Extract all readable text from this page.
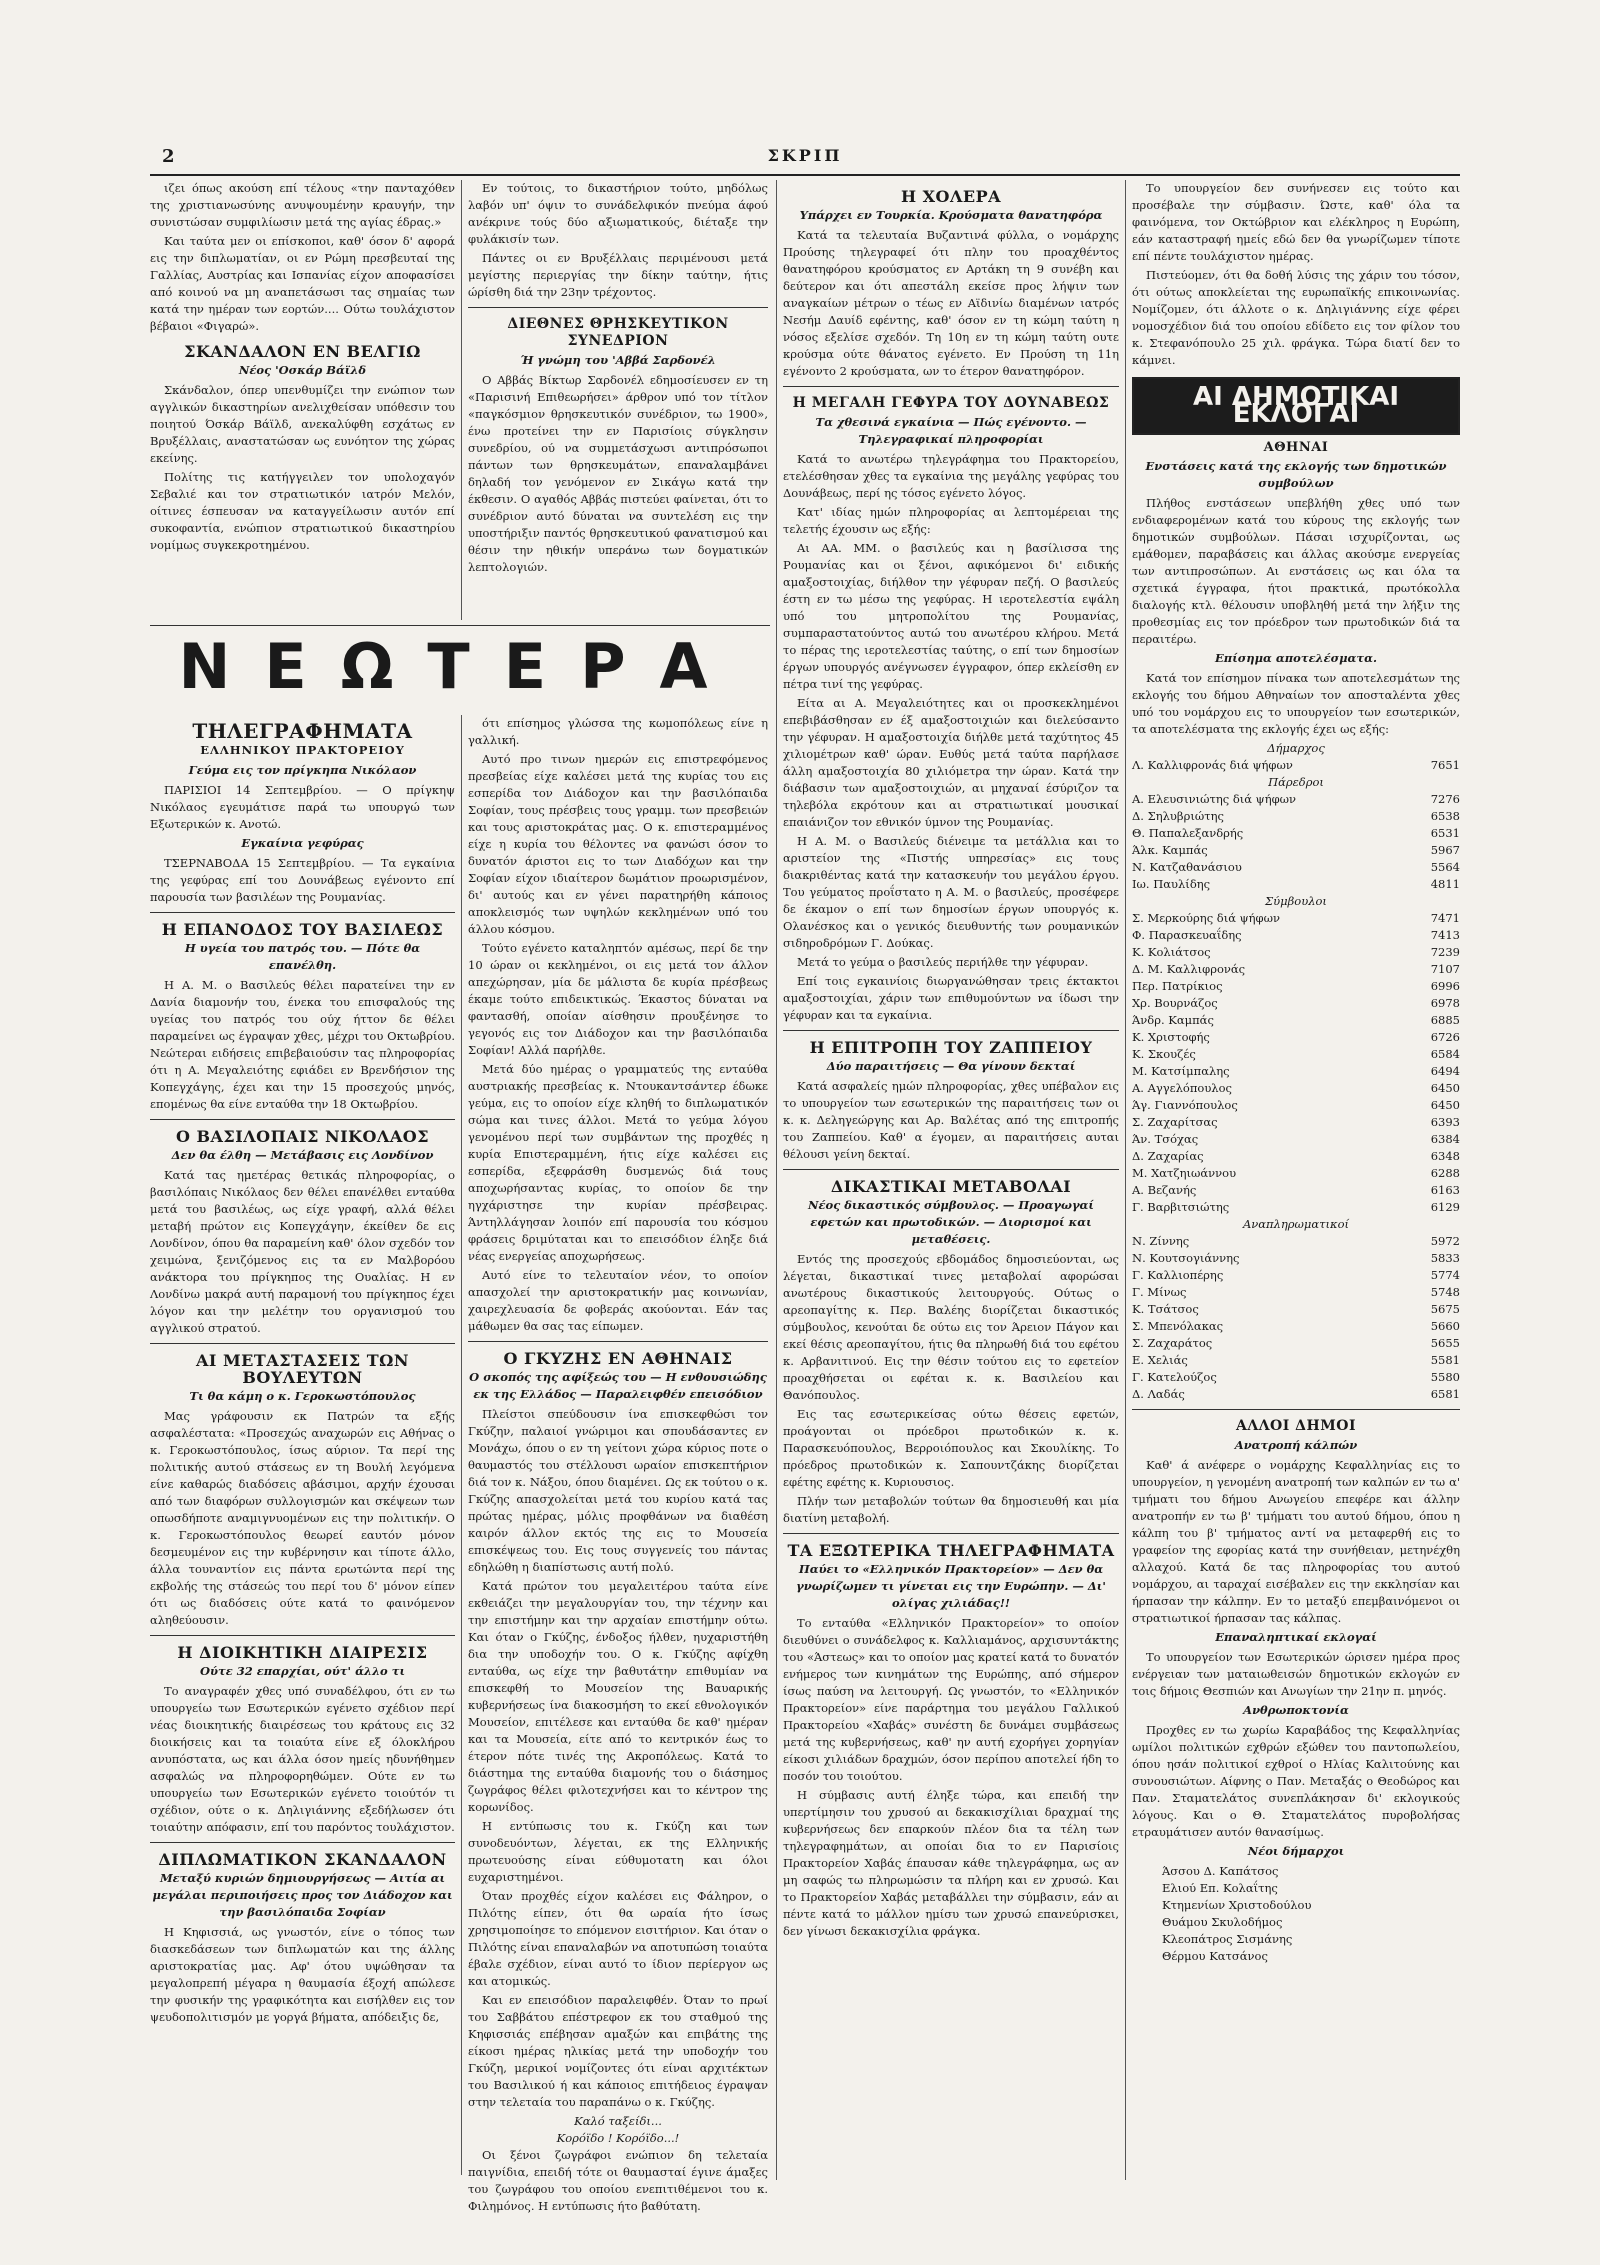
2	ΣΚΡΙΠ

ιζει όπως ακούση επί τέλους «την πανταχόθεν της χριστιανωσύνης ανυψουμένην κραυγήν, την συνιστώσαν συμφιλίωσιν μετά της αγίας έδρας.»

Και ταύτα μεν οι επίσκοποι, καθ' όσον δ' αφορά εις την διπλωματίαν, οι εν Ρώμη πρεσβευταί της Γαλλίας, Αυστρίας και Ισπανίας είχον αποφασίσει από κοινού να μη αναπετάσωσι τας σημαίας των κατά την ημέραν των εορτών.... Ούτω τουλάχιστον βέβαιοι «Φιγαρώ».

ΣΚΑΝΔΑΛΟΝ ΕΝ ΒΕΛΓΙΩ
Νέος 'Οσκάρ Βάϊλδ

Σκάνδαλον, όπερ υπενθυμίζει την ενώπιον των αγγλικών δικαστηρίων ανελιχθείσαν υπόθεσιν του ποιητού Όσκάρ Βάϊλδ, ανεκαλύφθη εσχάτως εν Βρυξέλλαις, αναστατώσαν ως ευνόητον της χώρας εκείνης.

Πολίτης τις κατήγγειλεν τον υπολοχαγόν Σεβαλιέ και τον στρατιωτικόν ιατρόν Μελόν, οίτινες έσπευσαν να καταγγείλωσιν αυτόν επί συκοφαντία, ενώπιον στρατιωτικού δικαστηρίου νομίμως συγκεκροτημένου.

Εν τούτοις, το δικαστήριον τούτο, μηδόλως λαβόν υπ' όψιν το συνάδελφικόν πνεύμα άφού ανέκρινε τούς δύο αξιωματικούς, διέταξε την φυλάκισίν των.

Πάντες οι εν Βρυξέλλαις περιμένουσι μετά μεγίστης περιεργίας την δίκην ταύτην, ήτις ώρίσθη διά την 23ην τρέχοντος.

ΔΙΕΘΝΕΣ ΘΡΗΣΚΕΥΤΙΚΟΝ ΣΥΝΕΔΡΙΟΝ
Ή γνώμη του 'Αββά Σαρδονέλ

Ο Αββάς Βίκτωρ Σαρδονέλ εδημοσίευσεν εν τη «Παρισινή Επιθεωρήσει» άρθρον υπό τον τίτλον «παγκόσμιον θρησκευτικόν συνέδριον, τω 1900», ένω προτείνει την εν Παρισίοις σύγκλησιν συνεδρίου, ού να συμμετάσχωσι αντιπρόσωποι πάντων των θρησκευμάτων, επαναλαμβάνει δηλαδή τον γενόμενον εν Σικάγω κατά την έκθεσιν. Ο αγαθός Αββάς πιστεύει φαίνεται, ότι το συνέδριον αυτό δύναται να συντελέση εις την υποστήριξιν παντός θρησκευτικού φανατισμού και θέσιν την ηθικήν υπεράνω των δογματικών λεπτολογιών.

ΝΕΩΤΕΡΑ
ΤΗΛΕΓΡΑΦΗΜΑΤΑ
ΕΛΛΗΝΙΚΟΥ ΠΡΑΚΤΟΡΕΙΟΥ
Γεύμα εις τον πρίγκηπα Νικόλαον

ΠΑΡΙΣΙΟΙ 14 Σεπτεμβρίου. — Ο πρίγκηψ Νικόλαος εγευμάτισε παρά τω υπουργώ των Εξωτερικών κ. Ανοτώ.

Εγκαίνια γεφύρας

ΤΣΕΡΝΑΒΟΔΑ 15 Σεπτεμβρίου. — Τα εγκαίνια της γεφύρας επί του Δουνάβεως εγένοντο επί παρουσία των βασιλέων της Ρουμανίας.

Η ΕΠΑΝΟΔΟΣ ΤΟΥ ΒΑΣΙΛΕΩΣ
Η υγεία του πατρός του. — Πότε θα επανέλθη.

Η Α. Μ. ο Βασιλεύς θέλει παρατείνει την εν Δανία διαμονήν του, ένεκα του επισφαλούς της υγείας του πατρός του ούχ ήττον δε θέλει παραμείνει ως έγραψαν χθες, μέχρι του Οκτωβρίου. Νεώτεραι ειδήσεις επιβεβαιούσιν τας πληροφορίας ότι η Α. Μεγαλειότης εφιάδει εν Βρενδήσιον της Κοπεγχάγης, έχει και την 15 προσεχούς μηνός, επομένως θα είνε ενταύθα την 18 Οκτωβρίου.

Ο ΒΑΣΙΛΟΠΑΙΣ ΝΙΚΟΛΑΟΣ
Δεν θα έλθη — Μετάβασις εις Λονδίνον

Κατά τας ημετέρας θετικάς πληροφορίας, ο βασιλόπαις Νικόλαος δεν θέλει επανέλθει ενταύθα μετά του βασιλέως, ως είχε γραφή, αλλά θέλει μεταβή πρώτον εις Κοπεγχάγην, έκείθεν δε εις Λονδίνον, όπου θα παραμείνη καθ' όλον σχεδόν τον χειμώνα, ξενιζόμενος εις τα εν Μαλβορόου ανάκτορα του πρίγκηπος της Ουαλίας. Η εν Λονδίνω μακρά αυτή παραμονή του πρίγκηπος έχει λόγον και την μελέτην του οργανισμού του αγγλικού στρατού.

ΑΙ ΜΕΤΑΣΤΑΣΕΙΣ ΤΩΝ ΒΟΥΛΕΥΤΩΝ
Τι θα κάμη ο κ. Γεροκωστόπουλος

Μας γράφουσιν εκ Πατρών τα εξής ασφαλέστατα: «Προσεχώς αναχωρών εις Αθήνας ο κ. Γεροκωστόπουλος, ίσως αύριον. Τα περί της πολιτικής αυτού στάσεως εν τη Βουλή λεγόμενα είνε καθαρώς διαδόσεις αβάσιμοι, αρχήν έχουσαι από των διαφόρων συλλογισμών και σκέψεων των οπωσδήποτε αναμιγνυομένων εις την πολιτικήν. Ο κ. Γεροκωστόπουλος θεωρεί εαυτόν μόνον δεσμευμένον εις την κυβέρνησιν και τίποτε άλλο, άλλα τουναντίον εις πάντα ερωτώντα περί της εκβολής της στάσεώς του περί του δ' μόνον είπεν ότι ως διαδόσεις ούτε κατά το φαινόμενον αληθεύουσιν.

Η ΔΙΟΙΚΗΤΙΚΗ ΔΙΑΙΡΕΣΙΣ
Ούτε 32 επαρχίαι, ούτ' άλλο τι

Το αναγραφέν χθες υπό συναδέλφου, ότι εν τω υπουργείω των Εσωτερικών εγένετο σχέδιον περί νέας διοικητικής διαιρέσεως του κράτους εις 32 διοικήσεις και τα τοιαύτα είνε εξ όλοκλήρου ανυπόστατα, ως και άλλα όσον ημείς ηδυνήθημεν ασφαλώς να πληροφορηθώμεν. Ούτε εν τω υπουργείω των Εσωτερικών εγένετο τοιούτόν τι σχέδιον, ούτε ο κ. Δηλιγιάννης εξεδήλωσεν ότι τοιαύτην απόφασιν, επί του παρόντος τουλάχιστον.

ΔΙΠΛΩΜΑΤΙΚΟΝ ΣΚΑΝΔΑΛΟΝ
Μεταξύ κυριών δημιουργήσεως — Αιτία αι μεγάλαι περιποιήσεις προς τον Διάδοχον και την βασιλόπαιδα Σοφίαν

Η Κηφισσιά, ως γνωστόν, είνε ο τόπος των διασκεδάσεων των διπλωματών και της άλλης αριστοκρατίας μας. Αφ' ότου υψώθησαν τα μεγαλοπρεπή μέγαρα η θαυμασία έξοχή απώλεσε την φυσικήν της γραφικότητα και εισήλθεν εις τον ψευδοπολιτισμόν με γοργά βήματα, απόδειξις δε,

ότι επίσημος γλώσσα της κωμοπόλεως είνε η γαλλική.

Αυτό προ τινων ημερών εις επιστρεφόμενος πρεσβείας είχε καλέσει μετά της κυρίας του εις εσπερίδα τον Διάδοχον και την βασιλόπαιδα Σοφίαν, τους πρέσβεις τους γραμμ. των πρεσβειών και τους αριστοκράτας μας. Ο κ. επιστεραμμένος είχε η κυρία του θέλοντες να φανώσι όσον το δυνατόν άριστοι εις το των Διαδόχων και την Σοφίαν είχον ιδιαίτερον δωμάτιον προωρισμένον, δι' αυτούς και εν γένει παρατηρήθη κάποιος αποκλεισμός των υψηλών κεκλημένων υπό του άλλου κόσμου.

Τούτο εγένετο καταληπτόν αμέσως, περί δε την 10 ώραν οι κεκλημένοι, οι εις μετά τον άλλον απεχώρησαν, μία δε μάλιστα δε κυρία πρέσβεως έκαμε τούτο επιδεικτικώς. Έκαστος δύναται να φαντασθή, οποίαν αίσθησιν προυξένησε το γεγονός εις τον Διάδοχον και την βασιλόπαιδα Σοφίαν! Αλλά παρήλθε.

Μετά δύο ημέρας ο γραμματεύς της ενταύθα αυστριακής πρεσβείας κ. Ντουκαντσάντερ έδωκε γεύμα, εις το οποίον είχε κληθή το διπλωματικόν σώμα και τινες άλλοι. Μετά το γεύμα λόγου γενομένου περί των συμβάντων της προχθές η κυρία Επιστεραμμένη, ήτις είχε καλέσει εις εσπερίδα, εξεφράσθη δυσμενώς διά τους αποχωρήσαντας κυρίας, το οποίον δε την ηγχάριστησε την κυρίαν πρέσβειρας. Άντηλλάγησαν λοιπόν επί παρουσία του κόσμου φράσεις δριμύταται και το επεισόδιον έληξε διά νέας ενεργείας αποχωρήσεως.

Αυτό είνε το τελευταίον νέον, το οποίον απασχολεί την αριστοκρατικήν μας κοινωνίαν, χαιρεχλευασία δε φοβεράς ακούονται. Εάν τας μάθωμεν θα σας τας είπωμεν.

Ο ΓΚΥΖΗΣ ΕΝ ΑΘΗΝΑΙΣ
Ο σκοπός της αφίξεώς του — Η ενθουσιώδης εκ της Ελλάδος — Παραλειφθέν επεισόδιον

Πλείστοι σπεύδουσιν ίνα επισκεφθώσι τον Γκύζην, παλαιοί γνώριμοι και σπουδάσαντες εν Μονάχω, όπου ο εν τη γείτονι χώρα κύριος ποτε ο θαυμαστός του στέλλουσι ωραίον επισκεπτήριον διά τον κ. Νάξου, όπου διαμένει. Ως εκ τούτου ο κ. Γκύζης απασχολείται μετά του κυρίου κατά τας πρώτας ημέρας, μόλις προφθάνων να διαθέση καιρόν άλλον εκτός της εις το Μουσεία επισκέψεως του. Εις τους συγγενείς του πάντας εδηλώθη η διαπίστωσις αυτή πολύ.

Κατά πρώτον του μεγαλειτέρου ταύτα είνε εκθειάζει την μεγαλουργίαν του, την τέχνην και την επιστήμην και την αρχαίαν επιστήμην ούτω. Και όταν ο Γκύζης, ένδοξος ήλθεν, ηυχαριστήθη δια την υποδοχήν του. Ο κ. Γκύζης αφίχθη ενταύθα, ως είχε την βαθυτάτην επιθυμίαν να επισκεφθή το Μουσείον της Βαυαρικής κυβερνήσεως ίνα διακοσμήση το εκεί εθνολογικόν Μουσείον, επιτέλεσε και ενταύθα δε καθ' ημέραν και τα Μουσεία, είτε από το κεντρικόν έως το έτερον πότε τινές της Ακροπόλεως. Κατά το διάστημα της ενταύθα διαμονής του ο διάσημος ζωγράφος θέλει φιλοτεχνήσει και το κέντρον της κορωνίδος.

Η εντύπωσις του κ. Γκύζη και των συνοδευόντων, λέγεται, εκ της Ελληνικής πρωτευούσης είναι εύθυμοτατη και όλοι ευχαριστημένοι.

Όταν προχθές είχον καλέσει εις Φάληρον, ο Πιλότης είπεν, ότι θα ωραία ήτο ίσως χρησιμοποίησε το επόμενον εισιτήριον. Και όταν ο Πιλότης είναι επαναλαβών να αποτυπώση τοιαύτα έβαλε σχέδιον, είναι αυτό το ίδιον περίεργον ως και ατομικώς.

Και εν επεισόδιον παραλειφθέν. Όταν το πρωί του Σαββάτου επέστρεφον εκ του σταθμού της Κηφισσιάς επέβησαν αμαξών και επιβάτης της είκοσι ημέρας ηλικίας μετά την υποδοχήν του Γκύζη, μερικοί νομίζοντες ότι είναι αρχιτέκτων του Βασιλικού ή και κάποιος επιτήδειος έγραψαν στην τελεταία του παραπάνω ο κ. Γκύζης.

Καλό ταξείδι...
Κορόϊδο ! Κορόϊδο...!

Οι ξένοι ζωγράφοι ενώπιον δη τελεταία παιγνίδια, επειδή τότε οι θαυμασταί έγινε άμαξες του ζωγράφου του οποίου ενεπιτιθέμενοι του κ. Φιλημόνος. Η εντύπωσις ήτο βαθύτατη.

Η ΧΟΛΕΡΑ
Υπάρχει εν Τουρκία. Κρούσματα θανατηφόρα

Κατά τα τελευταία Βυζαντινά φύλλα, ο νομάρχης Προύσης τηλεγραφεί ότι πλην του προαχθέντος θανατηφόρου κρούσματος εν Αρτάκη τη 9 συνέβη και δεύτερον και ότι απεστάλη εκείσε προς λήψιν των αναγκαίων μέτρων ο τέως εν Αϊδινίω διαμένων ιατρός Νεσήμ Δαυίδ εφέντης, καθ' όσον εν τη κώμη ταύτη η νόσος εξελίσε σχεδόν. Τη 10η εν τη κώμη ταύτη ουτε κρούσμα ούτε θάνατος εγένετο. Εν Προύση τη 11η εγένοντο 2 κρούσματα, ων το έτερον θανατηφόρον.

Η ΜΕΓΑΛΗ ΓΕΦΥΡΑ ΤΟΥ ΔΟΥΝΑΒΕΩΣ
Τα χθεσινά εγκαίνια — Πώς εγένοντο. — Τηλεγραφικαί πληροφορίαι

Κατά το ανωτέρω τηλεγράφημα του Πρακτορείου, ετελέσθησαν χθες τα εγκαίνια της μεγάλης γεφύρας του Δουνάβεως, περί ης τόσος εγένετο λόγος.

Κατ' ιδίας ημών πληροφορίας αι λεπτομέρειαι της τελετής έχουσιν ως εξής:

Αι ΑΑ. ΜΜ. ο βασιλεύς και η βασίλισσα της Ρουμανίας και οι ξένοι, αφικόμενοι δι' ειδικής αμαξοστοιχίας, διήλθον την γέφυραν πεζή. Ο βασιλεύς έστη εν τω μέσω της γεφύρας. Η ιεροτελεστία εψάλη υπό του μητροπολίτου της Ρουμανίας, συμπαραστατούντος αυτώ του ανωτέρου κλήρου. Μετά το πέρας της ιεροτελεστίας ταύτης, ο επί των δημοσίων έργων υπουργός ανέγνωσεν έγγραφον, όπερ εκλείσθη εν πέτρα τινί της γεφύρας.

Είτα αι Α. Μεγαλειότητες και οι προσκεκλημένοι επεβιβάσθησαν εν έξ αμαξοστοιχιών και διελεύσαντο την γέφυραν. Η αμαξοστοιχία διήλθε μετά ταχύτητος 45 χιλιομέτρων καθ' ώραν. Ευθύς μετά ταύτα παρήλασε άλλη αμαξοστοιχία 80 χιλιόμετρα την ώραν. Κατά την διάβασιν των αμαξοστοιχιών, αι μηχαναί έσύριζον τα τηλεβόλα εκρότουν και αι στρατιωτικαί μουσικαί επαιάνιζον τον εθνικόν ύμνον της Ρουμανίας.

Η Α. Μ. ο Βασιλεύς διένειμε τα μετάλλια και το αριστείον της «Πιστής υπηρεσίας» εις τους διακριθέντας κατά την κατασκευήν του μεγάλου έργου. Του γεύματος προΐστατο η Α. Μ. ο βασιλεύς, προσέφερε δε έκαμον ο επί των δημοσίων έργων υπουργός κ. Ολανέσκος και ο γενικός διευθυντής των ρουμανικών σιδηροδρόμων Γ. Δούκας.

Μετά το γεύμα ο βασιλεύς περιήλθε την γέφυραν.

Επί τοις εγκαινίοις διωργανώθησαν τρεις έκτακτοι αμαξοστοιχίαι, χάριν των επιθυμούντων να ίδωσι την γέφυραν και τα εγκαίνια.

Η ΕΠΙΤΡΟΠΗ ΤΟΥ ΖΑΠΠΕΙΟΥ
Δύο παραιτήσεις — Θα γίνουν δεκταί

Κατά ασφαλείς ημών πληροφορίας, χθες υπέβαλον εις το υπουργείον των εσωτερικών της παραιτήσεις των οι κ. κ. Δεληγεώργης και Αρ. Βαλέτας από της επιτροπής του Ζαππείου. Καθ' α έγομεν, αι παραιτήσεις αυται θέλουσι γείνη δεκταί.

ΔΙΚΑΣΤΙΚΑΙ ΜΕΤΑΒΟΛΑΙ
Νέος δικαστικός σύμβουλος. — Προαγωγαί εφετών και πρωτοδικών. — Διορισμοί και μεταθέσεις.

Εντός της προσεχούς εβδομάδος δημοσιεύονται, ως λέγεται, δικαστικαί τινες μεταβολαί αφορώσαι ανωτέρους δικαστικούς λειτουργούς. Ούτως ο αρεοπαγίτης κ. Περ. Βαλέης διορίζεται δικαστικός σύμβουλος, κενούται δε ούτω εις τον Άρειον Πάγον και εκεί θέσις αρεοπαγίτου, ήτις θα πληρωθή διά του εφέτου κ. Αρβανιτινού. Εις την θέσιν τούτου εις το εφετείον προαχθήσεται οι εφέται κ. κ. Βασιλείου και Θανόπουλος.

Εις τας εσωτερικείσας ούτω θέσεις εφετών, προάγονται οι πρόεδροι πρωτοδικών κ. κ. Παρασκευόπουλος, Βερροιόπουλος και Σκουλίκης. Το πρόεδρος πρωτοδικών κ. Σαπουντζάκης διορίζεται εφέτης εφέτης κ. Κυριουσιος.

Πλήν των μεταβολών τούτων θα δημοσιευθή και μία διατίνη μεταβολή.

ΤΑ ΕΞΩΤΕΡΙΚΑ ΤΗΛΕΓΡΑΦΗΜΑΤΑ
Παύει το «Ελληνικόν Πρακτορείον» — Δεν θα γνωρίζωμεν τι γίνεται εις την Ευρώπην. — Δι' ολίγας χιλιάδας!!

Το ενταύθα «Ελληνικόν Πρακτορείον» το οποίον διευθύνει ο συνάδελφος κ. Καλλιαμάνος, αρχισυντάκτης του «Άστεως» και το οποίον μας κρατεί κατά το δυνατόν ενήμερος των κινημάτων της Ευρώπης, από σήμερον ίσως παύση να λειτουργή. Ως γνωστόν, το «Ελληνικόν Πρακτορείον» είνε παράρτημα του μεγάλου Γαλλικού Πρακτορείου «Χαβάς» συνέστη δε δυνάμει συμβάσεως μετά της κυβερνήσεως, καθ' ην αυτή εχορήγει χορηγίαν είκοσι χιλιάδων δραχμών, όσον περίπου αποτελεί ήδη το ποσόν του τοιούτου.

Η σύμβασις αυτή έληξε τώρα, και επειδή την υπερτίμησιν του χρυσού αι δεκακισχίλιαι δραχμαί της κυβερνήσεως δεν επαρκούν πλέον δια τα τέλη των τηλεγραφημάτων, αι οποίαι δια το εν Παρισίοις Πρακτορείον Χαβάς έπαυσαν κάθε τηλεγράφημα, ως αν μη σαφώς τω πληρωμώσιν τα πλήρη και εν χρυσώ. Και το Πρακτορείον Χαβάς μεταβάλλει την σύμβασιν, εάν αι πέντε κατά το μάλλον ημίσυ των χρυσώ επανεύρισκει, δεν γίνωσι δεκακισχίλια φράγκα.

Το υπουργείον δεν συνήνεσεν εις τούτο και προσέβαλε την σύμβασιν. Ώστε, καθ' όλα τα φαινόμενα, τον Οκτώβριον και ελέκληρος η Ευρώπη, εάν καταστραφή ημείς εδώ δεν θα γνωρίζωμεν τίποτε επί πέντε τουλάχιστον ημέρας.

Πιστεύομεν, ότι θα δοθή λύσις της χάριν του τόσον, ότι ούτως αποκλείεται της ευρωπαϊκής επικοινωνίας. Νομίζομεν, ότι άλλοτε ο κ. Δηλιγιάννης είχε φέρει νομοσχέδιον διά του οποίου εδίδετο εις τον φίλον του κ. Στεφανόπουλο 25 χιλ. φράγκα. Τώρα διατί δεν το κάμνει.

ΑΙ ΔΗΜΟΤΙΚΑΙ ΕΚΛΟΓΑΙ
ΑΘΗΝΑΙ
Ενστάσεις κατά της εκλογής των δημοτικών συμβούλων

Πλήθος ενστάσεων υπεβλήθη χθες υπό των ενδιαφερομένων κατά του κύρους της εκλογής των δημοτικών συμβούλων. Πάσαι ισχυρίζονται, ως εμάθομεν, παραβάσεις και άλλας ακούσμε ενεργείας των αντιπροσώπων. Αι ενστάσεις ως και όλα τα σχετικά έγγραφα, ήτοι πρακτικά, πρωτόκολλα διαλογής κτλ. θέλουσιν υποβληθή μετά την λήξιν της προθεσμίας εις τον πρόεδρον των πρωτοδικών διά τα περαιτέρω.

Επίσημα αποτελέσματα.

Κατά τον επίσημον πίνακα των αποτελεσμάτων της εκλογής του δήμου Αθηναίων τον αποσταλέντα χθες υπό του νομάρχου εις το υπουργείον των εσωτερικών, τα αποτελέσματα της εκλογής έχει ως εξής:

Δήμαρχος
Λ. Καλλιφρονάς διά ψήφων	7651
Πάρεδροι
Α. Ελευσινιώτης διά ψήφων	7276
Δ. Σηλυβριώτης	6538
Θ. Παπαλεξανδρής	6531
Άλκ. Καμπάς	5967
Ν. Κατζαθανάσιου	5564
Ιω. Παυλίδης	4811
Σύμβουλοι
Σ. Μερκούρης διά ψήφων	7471
Φ. Παρασκευαΐδης	7413
Κ. Κολιάτσος	7239
Δ. Μ. Καλλιφρονάς	7107
Περ. Πατρίκιος	6996
Χρ. Βουρνάζος	6978
Άνδρ. Καμπάς	6885
Κ. Χριστοφής	6726
Κ. Σκουζές	6584
Μ. Κατσίμπαλης	6494
Α. Αγγελόπουλος	6450
Άγ. Γιαννόπουλος	6450
Σ. Ζαχαρίτσας	6393
Άν. Τσόχας	6384
Δ. Ζαχαρίας	6348
Μ. Χατζηιωάννου	6288
Α. Βεζανής	6163
Γ. Βαρβιτσιώτης	6129
Αναπληρωματικοί
Ν. Ζίννης	5972
Ν. Κουτσογιάννης	5833
Γ. Καλλιοπέρης	5774
Γ. Μίνως	5748
Κ. Τσάτσος	5675
Σ. Μπενόλακας	5660
Σ. Ζαχαράτος	5655
Ε. Χελιάς	5581
Γ. Κατελούζος	5580
Δ. Λαδάς	6581
ΑΛΛΟΙ ΔΗΜΟΙ
Ανατροπή κάλπών

Καθ' ά ανέφερε ο νομάρχης Κεφαλληνίας εις το υπουργείον, η γενομένη ανατροπή των καλπών εν τω α' τμήματι του δήμου Ανωγείου επεφέρε και άλλην ανατροπήν εν τω β' τμήματι του αυτού δήμου, όπου η κάλπη του β' τμήματος αντί να μεταφερθή εις το γραφείον της εφορίας κατά την συνήθειαν, μετηνέχθη αλλαχού. Κατά δε τας πληροφορίας του αυτού νομάρχου, αι ταραχαί εισέβαλεν εις την εκκλησίαν και ήρπασαν την κάλπην. Εν το μεταξύ επεμβαινόμενοι οι στρατιωτικοί ήρπασαν τας κάλπας.

Επαναληπτικαί εκλογαί

Το υπουργείον των Εσωτερικών ώρισεν ημέρα προς ενέργειαν των ματαιωθεισών δημοτικών εκλογών εν τοις δήμοις Θεσπιών και Ανωγίων την 21ην π. μηνός.

Ανθρωποκτονία

Προχθες εν τω χωρίω Καραβάδος της Κεφαλληνίας ωμίλοι πολιτικών εχθρών εξώθεν του παντοπωλείου, όπου ησάν πολιτικοί εχθροί ο Ηλίας Καλιτούνης και συνουσιώτων. Αίφνης ο Παν. Μεταξάς ο Θεοδώρος και Παν. Σταματελάτος συνεπλάκησαν δι' εκλογικούς λόγους. Και ο Θ. Σταματελάτος πυροβολήσας ετραυμάτισεν αυτόν θανασίμως.

Νέοι δήμαρχοι
Άσσου Δ. Καπάτσος
Ελιού Επ. Κολαΐτης
Κτημενίων Χριστοδούλου
Θυάμου Σκυλοδήμος
Κλεοπάτρος Σισμάνης
Θέρμου Κατσάνος
